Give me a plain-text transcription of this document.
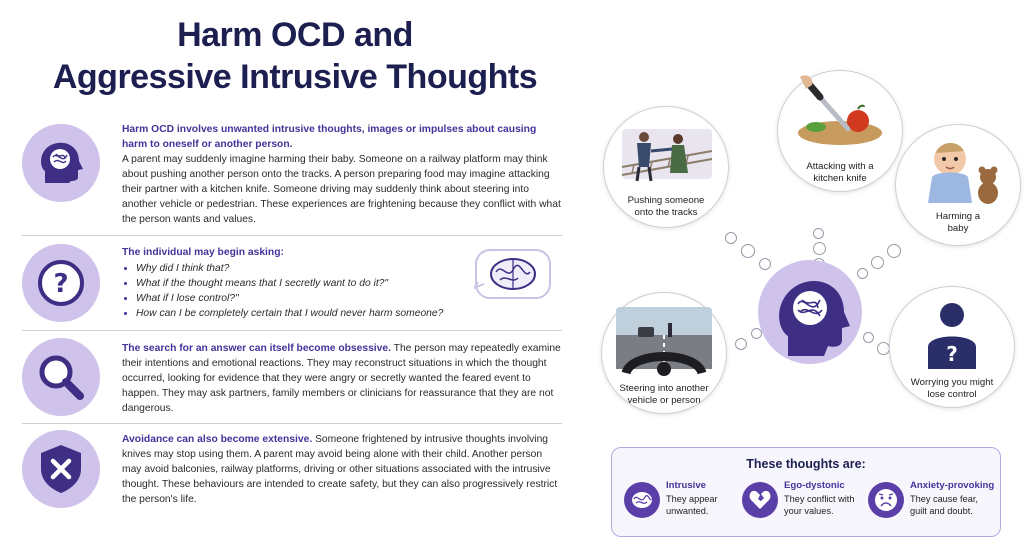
Harm OCD and
Aggressive Intrusive Thoughts
Harm OCD involves unwanted intrusive thoughts, images or impulses about causing harm to oneself or another person.
A parent may suddenly imagine harming their baby. Someone on a railway platform may think about pushing another person onto the tracks. A person preparing food may imagine attacking their partner with a kitchen knife. Someone driving may suddenly think about steering into another vehicle or pedestrian. These experiences are frightening because they conflict with what the person wants and values.
?
The individual may begin asking:
• Why did I think that?
• What if the thought means that I secretly want to do it?"
• What if I lose control?"
• How can I be completely certain that I would never harm someone?
The search for an answer can itself become obsessive. The person may repeatedly examine their intentions and emotional reactions. They may reconstruct situations in which the thought occurred, looking for evidence that they were angry or secretly wanted the feared event to happen. They may ask partners, family members or clinicians for reassurance that they are not dangerous.
Avoidance can also become extensive. Someone frightened by intrusive thoughts involving knives may stop using them. A parent may avoid being alone with their child. Another person may avoid balconies, railway platforms, driving or other situations associated with the intrusive thought. These behaviours are intended to create safety, but they can also progressively restrict the person's life.
Pushing someone onto the tracks
Attacking with a kitchen knife
Harming a baby
Steering into another vehicle or person
?
Worrying you might lose control
These thoughts are:
Intrusive
They appear unwanted.
Ego-dystonic
They conflict with your values.
Anxiety-provoking
They cause fear, guilt and doubt.
